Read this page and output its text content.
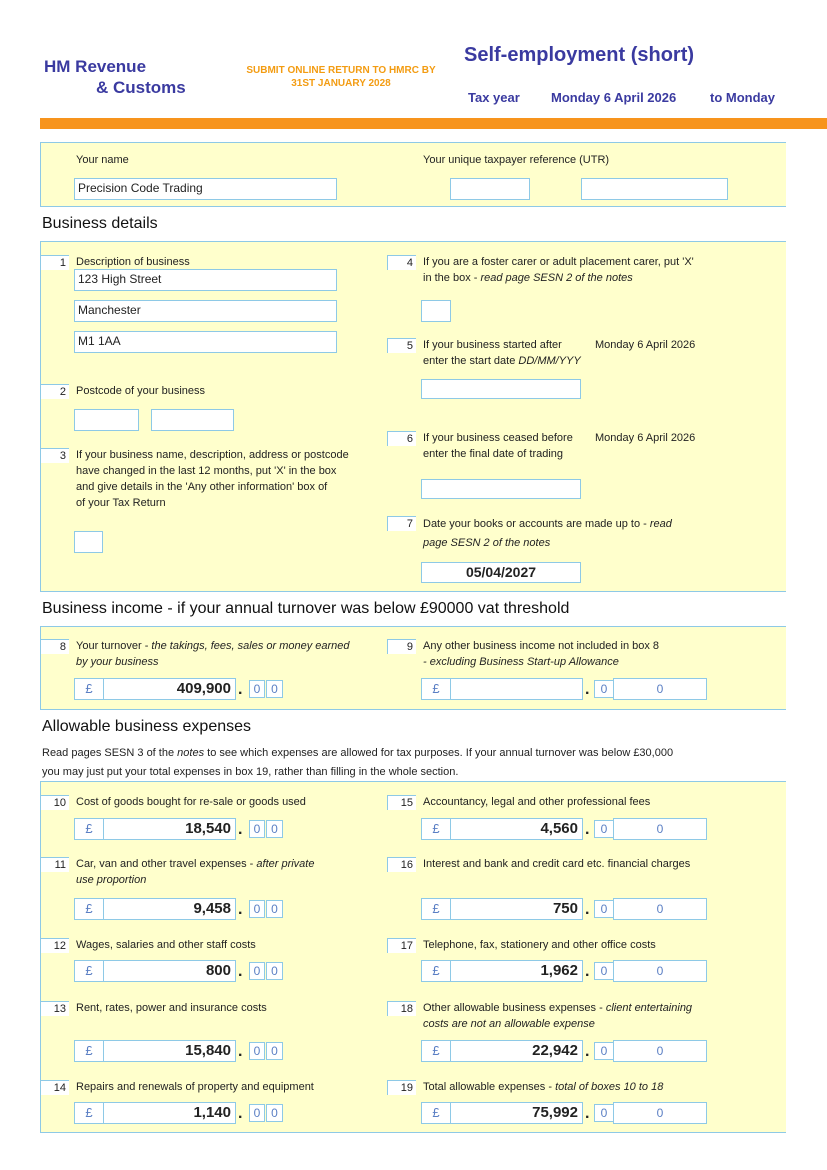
HM Revenue
& Customs
SUBMIT ONLINE RETURN TO HMRC BY
31ST JANUARY 2028
Self-employment (short)
Tax year Monday 6 April 2026	to Monday
Your name
Precision Code Trading
Your unique taxpayer reference (UTR)
Business details
1 Description of business
123 High Street
Manchester
M1 1AA
2 Postcode of your business
3 If your business name, description, address or postcode
have changed in the last 12 months, put 'X' in the box
and give details in the 'Any other information' box of
of your Tax Return
4 If you are a foster carer or adult placement carer, put 'X'
in the box - read page SESN 2 of the notes
5 If your business started after
enter the start date DD/MM/YYY
Monday 6 April 2026
6 If your business ceased before
enter the final date of trading
Monday 6 April 2026
7 Date your books or accounts are made up to - read
page SESN 2 of the notes
05/04/2027
Business income - if your annual turnover was below £90000 vat threshold
8 Your turnover - the takings, fees, sales or money earned
by your business
£	409,900 . 0 0
9 Any other business income not included in box 8
- excluding Business Start-up Allowance
£	. 0	0
Allowable business expenses
Read pages SESN 3 of the notes to see which expenses are allowed for tax purposes. If your annual turnover was below £30,000
you may just put your total expenses in box 19, rather than filling in the whole section.
10 Cost of goods bought for re-sale or goods used
£	18,540 . 0 0
11 Car, van and other travel expenses - after private
use proportion
£	9,458 . 0 0
12 Wages, salaries and other staff costs
£	800 . 0 0
13 Rent, rates, power and insurance costs
£	15,840 . 0 0
14 Repairs and renewals of property and equipment
£	1,140 . 0 0
15 Accountancy, legal and other professional fees
£	4,560 . 0	0
16 Interest and bank and credit card etc. financial charges
£	750 . 0	0
17 Telephone, fax, stationery and other office costs
£	1,962 . 0	0
18 Other allowable business expenses - client entertaining
costs are not an allowable expense
£	22,942 . 0	0
19 Total allowable expenses - total of boxes 10 to 18
£	75,992 . 0	0
